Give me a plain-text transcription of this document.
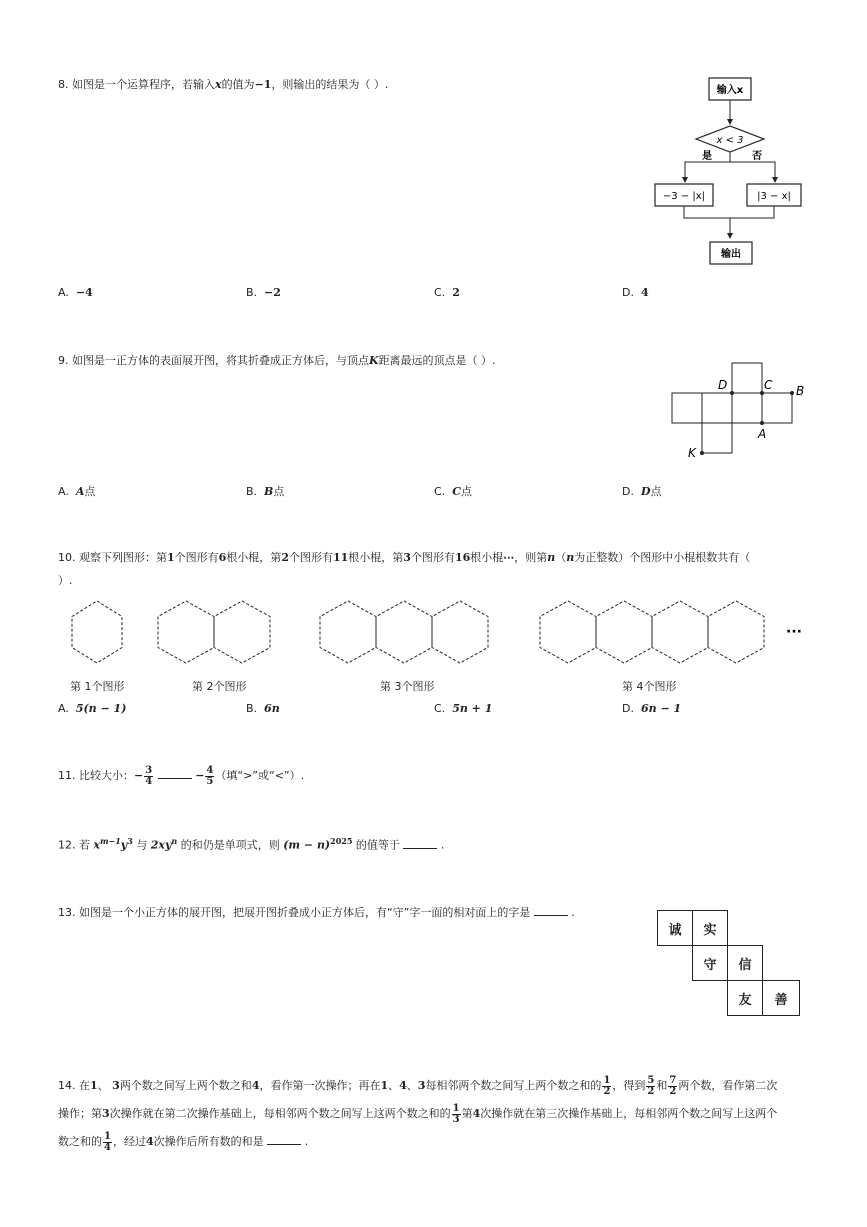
8. 如图是一个运算程序，若输入x的值为−1，则输出的结果为（ ）.	输入x
x < 3
是	否
−3 − |x|	|3 − x|
输出
A. −4	B. −2	C. 2	D. 4
9. 如图是一正方体的表面展开图，将其折叠成正方体后，与顶点K距离最远的顶点是（ ）.
D	C B
A
K
A. A点	B. B点	C. C点	D. D点
10. 观察下列图形：第1个图形有6根小棍，第2个图形有11根小棍，第3个图形有16根小棍⋯，则第n（n为正整数）个图形中小棍根数共有（
）.
···
第 1个图形	第 2个图形	第 3个图形	第 4个图形
A. 5(n − 1)	B. 6n	C. 5n + 1	D. 6n − 1
11. 比较大小：− $\frac{3}{4}$	− $\frac{4}{5}$ （填“>”或“<”）.
12. 若 $x^{m-1}y^3$ 与 $2xy^n$ 的和仍是单项式，则 $(m - n)^{2025}$ 的值等于	.
13. 如图是一个小正方体的展开图，把展开图折叠成小正方体后，有“守”字一面的相对面上的字是	.
诚 实
守 信
友 善
14. 在1、 3两个数之间写上两个数之和4，看作第一次操作；再在1、4、3每相邻两个数之间写上两个数之和的 $\frac{1}{2}$ ，得到 $\frac{5}{2}$ 和 $\frac{7}{2}$ 两个数，看作第二次
操作；第3次操作就在第二次操作基础上，每相邻两个数之间写上这两个数之和的 $\frac{1}{3}$ 第4次操作就在第三次操作基础上，每相邻两个数之间写上这两个
数之和的 $\frac{1}{4}$ ，经过4次操作后所有数的和是	.
